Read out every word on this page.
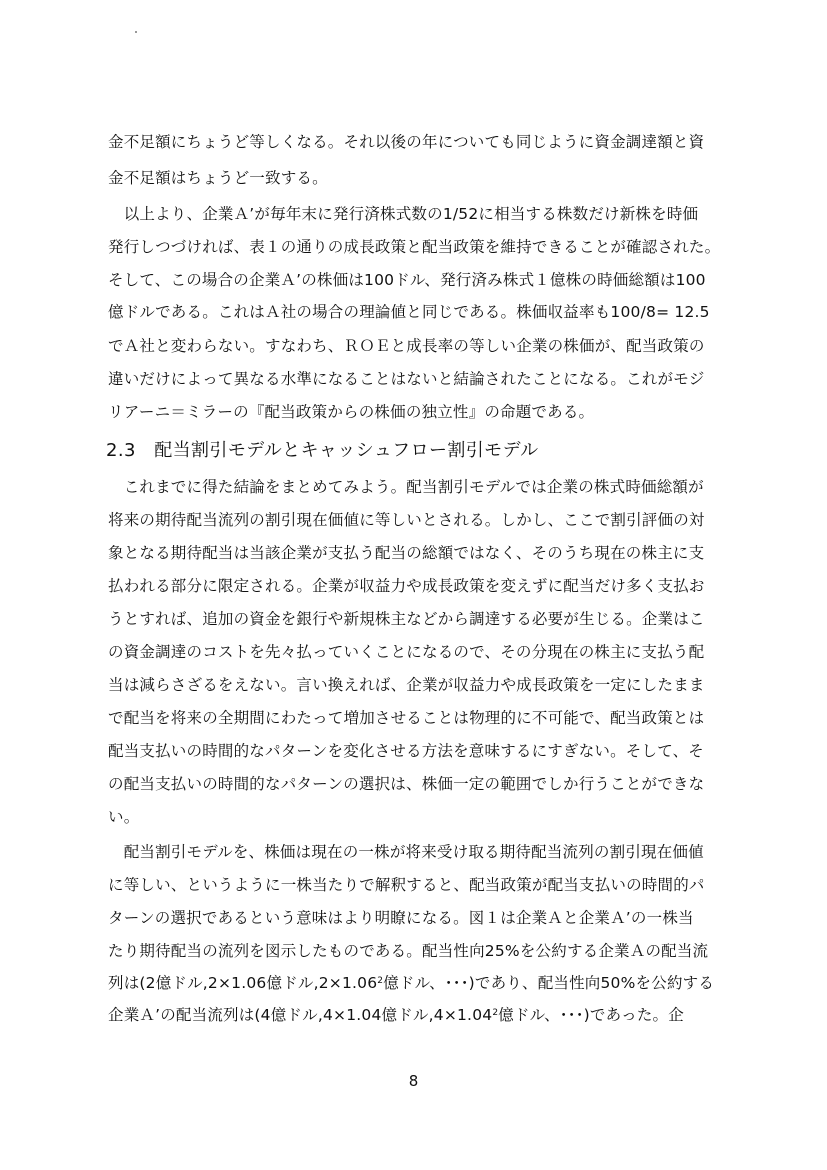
金不足額にちょうど等しくなる。それ以後の年についても同じように資金調達額と資
金不足額はちょうど一致する。
　以上より、企業Ａ’が毎年末に発行済株式数の1/52に相当する株数だけ新株を時価
発行しつづければ、表１の通りの成長政策と配当政策を維持できることが確認された。
そして、この場合の企業Ａ’の株価は100ドル、発行済み株式１億株の時価総額は100
億ドルである。これはＡ社の場合の理論値と同じである。株価収益率も100/8= 12.5
でＡ社と変わらない。すなわち、ＲＯＥと成長率の等しい企業の株価が、配当政策の
違いだけによって異なる水準になることはないと結論されたことになる。これがモジ
リアーニ＝ミラーの『配当政策からの株価の独立性』の命題である。
2.3　配当割引モデルとキャッシュフロー割引モデル
　これまでに得た結論をまとめてみよう。配当割引モデルでは企業の株式時価総額が
将来の期待配当流列の割引現在価値に等しいとされる。しかし、ここで割引評価の対
象となる期待配当は当該企業が支払う配当の総額ではなく、そのうち現在の株主に支
払われる部分に限定される。企業が収益力や成長政策を変えずに配当だけ多く支払お
うとすれば、追加の資金を銀行や新規株主などから調達する必要が生じる。企業はこ
の資金調達のコストを先々払っていくことになるので、その分現在の株主に支払う配
当は減らさざるをえない。言い換えれば、企業が収益力や成長政策を一定にしたまま
で配当を将来の全期間にわたって増加させることは物理的に不可能で、配当政策とは
配当支払いの時間的なパターンを変化させる方法を意味するにすぎない。そして、そ
の配当支払いの時間的なパターンの選択は、株価一定の範囲でしか行うことができな
い。
　配当割引モデルを、株価は現在の一株が将来受け取る期待配当流列の割引現在価値
に等しい、というように一株当たりで解釈すると、配当政策が配当支払いの時間的パ
ターンの選択であるという意味はより明瞭になる。図１は企業Ａと企業Ａ’の一株当
たり期待配当の流列を図示したものである。配当性向25%を公約する企業Ａの配当流
列は(2億ドル,2×1.06億ドル$,2\times 1.06^2$億ドル、･･･)であり、配当性向50%を公約する
企業Ａ’の配当流列は(4億ドル,4×1.04億ドル$,4\times 1.04^2$億ドル、･･･)であった。企
8
